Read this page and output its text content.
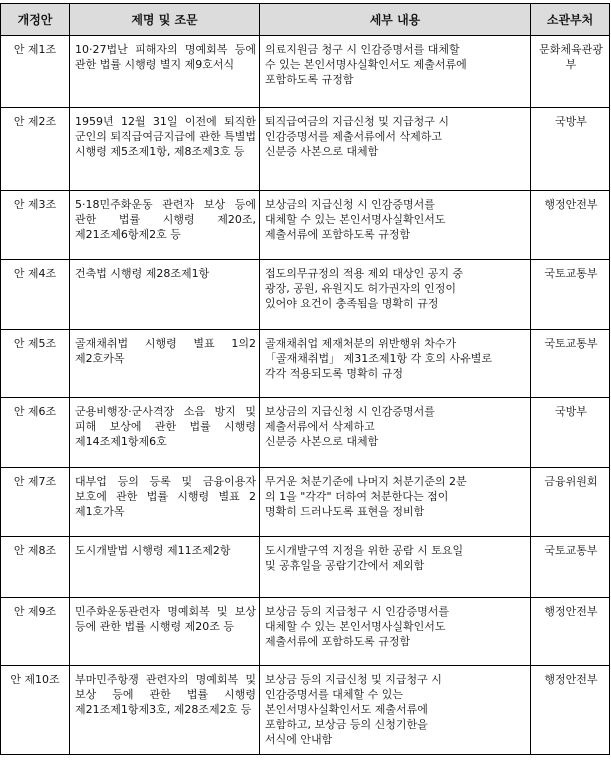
개정안	제명 및 조문	세부 내용	소관부처

안 제1조	10·27법난 피해자의 명예회복 등에 관한 법률 시행령 별지 제9호서식	의료지원금 청구 시 인감증명서를 대체할
수 있는 본인서명사실확인서도 제출서류에
포함하도록 규정함	문화체육관광부

안 제2조	1959년 12월 31일 이전에 퇴직한 군인의 퇴직급여금지급에 관한 특별법 시행령 제5조제1항, 제8조제3호 등	퇴직급여금의 지급신청 및 지급청구 시
인감증명서를 제출서류에서 삭제하고
신분증 사본으로 대체함	국방부

안 제3조	5·18민주화운동 관련자 보상 등에 관한 법률 시행령 제20조, 제21조제6항제2호 등	보상금의 지급신청 시 인감증명서를
대체할 수 있는 본인서명사실확인서도
제출서류에 포함하도록 규정함	행정안전부

안 제4조	건축법 시행령 제28조제1항	접도의무규정의 적용 제외 대상인 공지 중
광장, 공원, 유원지도 허가권자의 인정이
있어야 요건이 충족됨을 명확히 규정	국토교통부

안 제5조	골재채취법 시행령 별표 1의2 제2호카목	골재채취업 제재처분의 위반행위 차수가
「골재채취법」 제31조제1항 각 호의 사유별로
각각 적용되도록 명확히 규정	국토교통부

안 제6조	군용비행장·군사격장 소음 방지 및 피해 보상에 관한 법률 시행령 제14조제1항제6호	보상금의 지급신청 시 인감증명서를
제출서류에서 삭제하고
신분증 사본으로 대체함	국방부

안 제7조	대부업 등의 등록 및 금융이용자 보호에 관한 법률 시행령 별표 2 제1호가목	무거운 처분기준에 나머지 처분기준의 2분
의 1을 "각각" 더하여 처분한다는 점이
명확히 드러나도록 표현을 정비함	금융위원회

안 제8조	도시개발법 시행령 제11조제2항	도시개발구역 지정을 위한 공람 시 토요일
및 공휴일을 공람기간에서 제외함	국토교통부

안 제9조	민주화운동관련자 명예회복 및 보상 등에 관한 법률 시행령 제20조 등	보상금 등의 지급청구 시 인감증명서를
대체할 수 있는 본인서명사실확인서도
제출서류에 포함하도록 규정함	행정안전부

안 제10조	부마민주항쟁 관련자의 명예회복 및 보상 등에 관한 법률 시행령 제21조제1항제3호, 제28조제2호 등	보상금 등의 지급신청 및 지급청구 시
인감증명서를 대체할 수 있는
본인서명사실확인서도 제출서류에
포함하고, 보상금 등의 신청기한을
서식에 안내함	행정안전부
